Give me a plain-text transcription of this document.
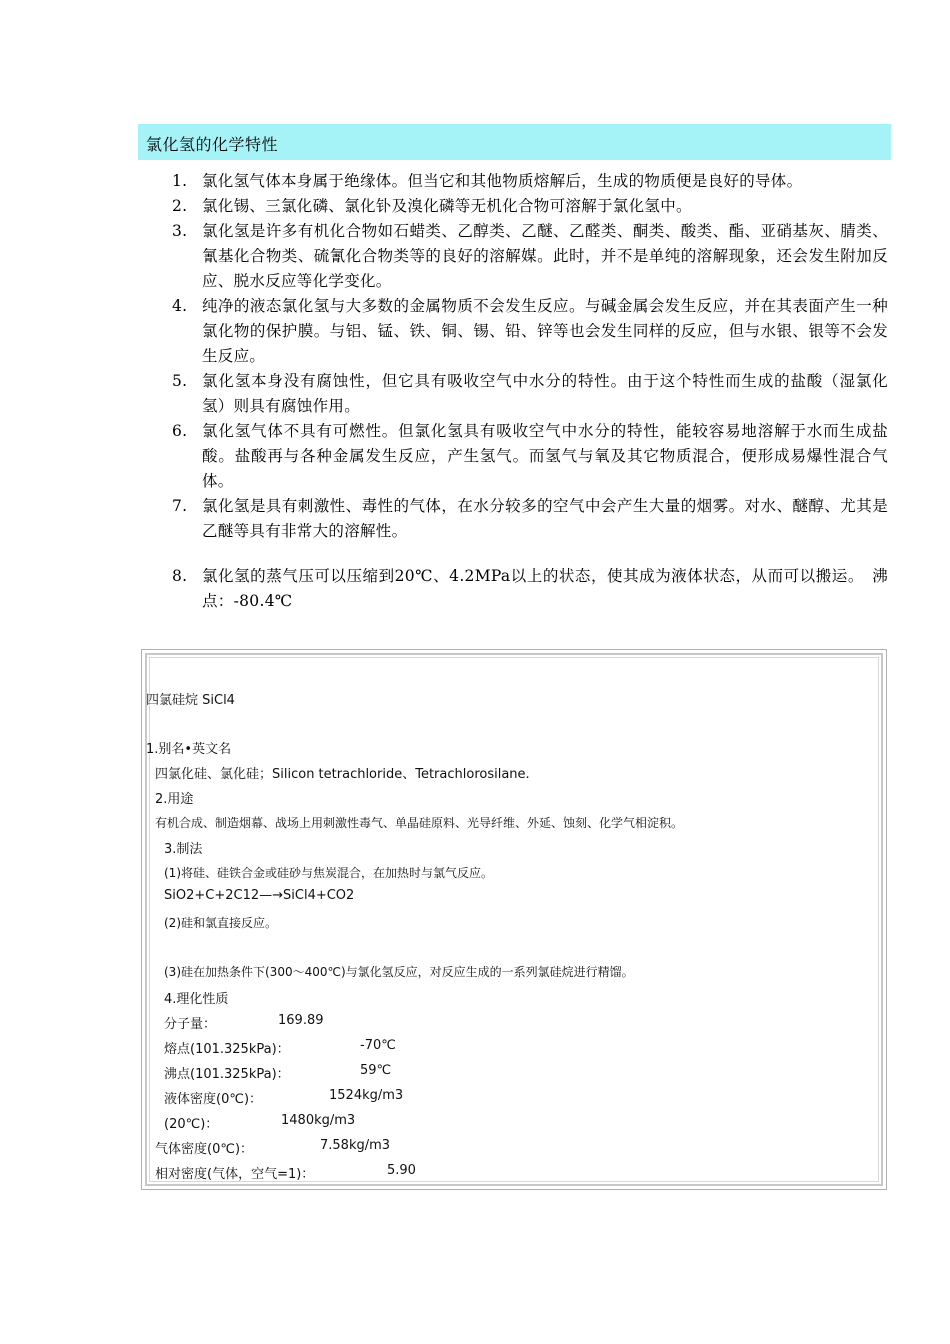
氯化氢的化学特性
1. 氯化氢气体本身属于绝缘体。但当它和其他物质熔解后，生成的物质便是良好的导体。
2. 氯化锡、三氯化磷、氯化钋及溴化磷等无机化合物可溶解于氯化氢中。
3. 氯化氢是许多有机化合物如石蜡类、乙醇类、乙醚、乙醛类、酮类、酸类、酯、亚硝基灰、腈类、氰基化合物类、硫氰化合物类等的良好的溶解媒。此时，并不是单纯的溶解现象，还会发生附加反应、脱水反应等化学变化。
4. 纯净的液态氯化氢与大多数的金属物质不会发生反应。与碱金属会发生反应，并在其表面产生一种氯化物的保护膜。与铝、锰、铁、铜、锡、铅、锌等也会发生同样的反应，但与水银、银等不会发生反应。
5. 氯化氢本身没有腐蚀性，但它具有吸收空气中水分的特性。由于这个特性而生成的盐酸（湿氯化氢）则具有腐蚀作用。
6. 氯化氢气体不具有可燃性。但氯化氢具有吸收空气中水分的特性，能较容易地溶解于水而生成盐酸。盐酸再与各种金属发生反应，产生氢气。而氢气与氧及其它物质混合，便形成易爆性混合气体。
7. 氯化氢是具有刺激性、毒性的气体，在水分较多的空气中会产生大量的烟雾。对水、醚醇、尤其是乙醚等具有非常大的溶解性。
8. 氯化氢的蒸气压可以压缩到20℃、4.2MPa以上的状态，使其成为液体状态，从而可以搬运。　沸点：-80.4℃
四氯硅烷 SiCl4
1.别名•英文名
四氯化硅、氯化硅；Silicon tetrachloride、Tetrachlorosilane.
2.用途
有机合成、制造烟幕、战场上用刺激性毒气、单晶硅原料、光导纤维、外延、蚀刻、化学气相淀积。
3.制法
(1)将硅、硅铁合金或硅砂与焦炭混合，在加热时与氯气反应。
SiO2+C+2C12—→SiCl4+CO2
(2)硅和氯直接反应。
(3)硅在加热条件下(300～400℃)与氯化氢反应，对反应生成的一系列氯硅烷进行精馏。
4.理化性质
分子量：	169.89
熔点(101.325kPa)：	-70℃
沸点(101.325kPa)：	59℃
液体密度(0℃)：	1524kg/m3
(20℃)：	1480kg/m3
气体密度(0℃)：	7.58kg/m3
相对密度(气体，空气=1)：	5.90
